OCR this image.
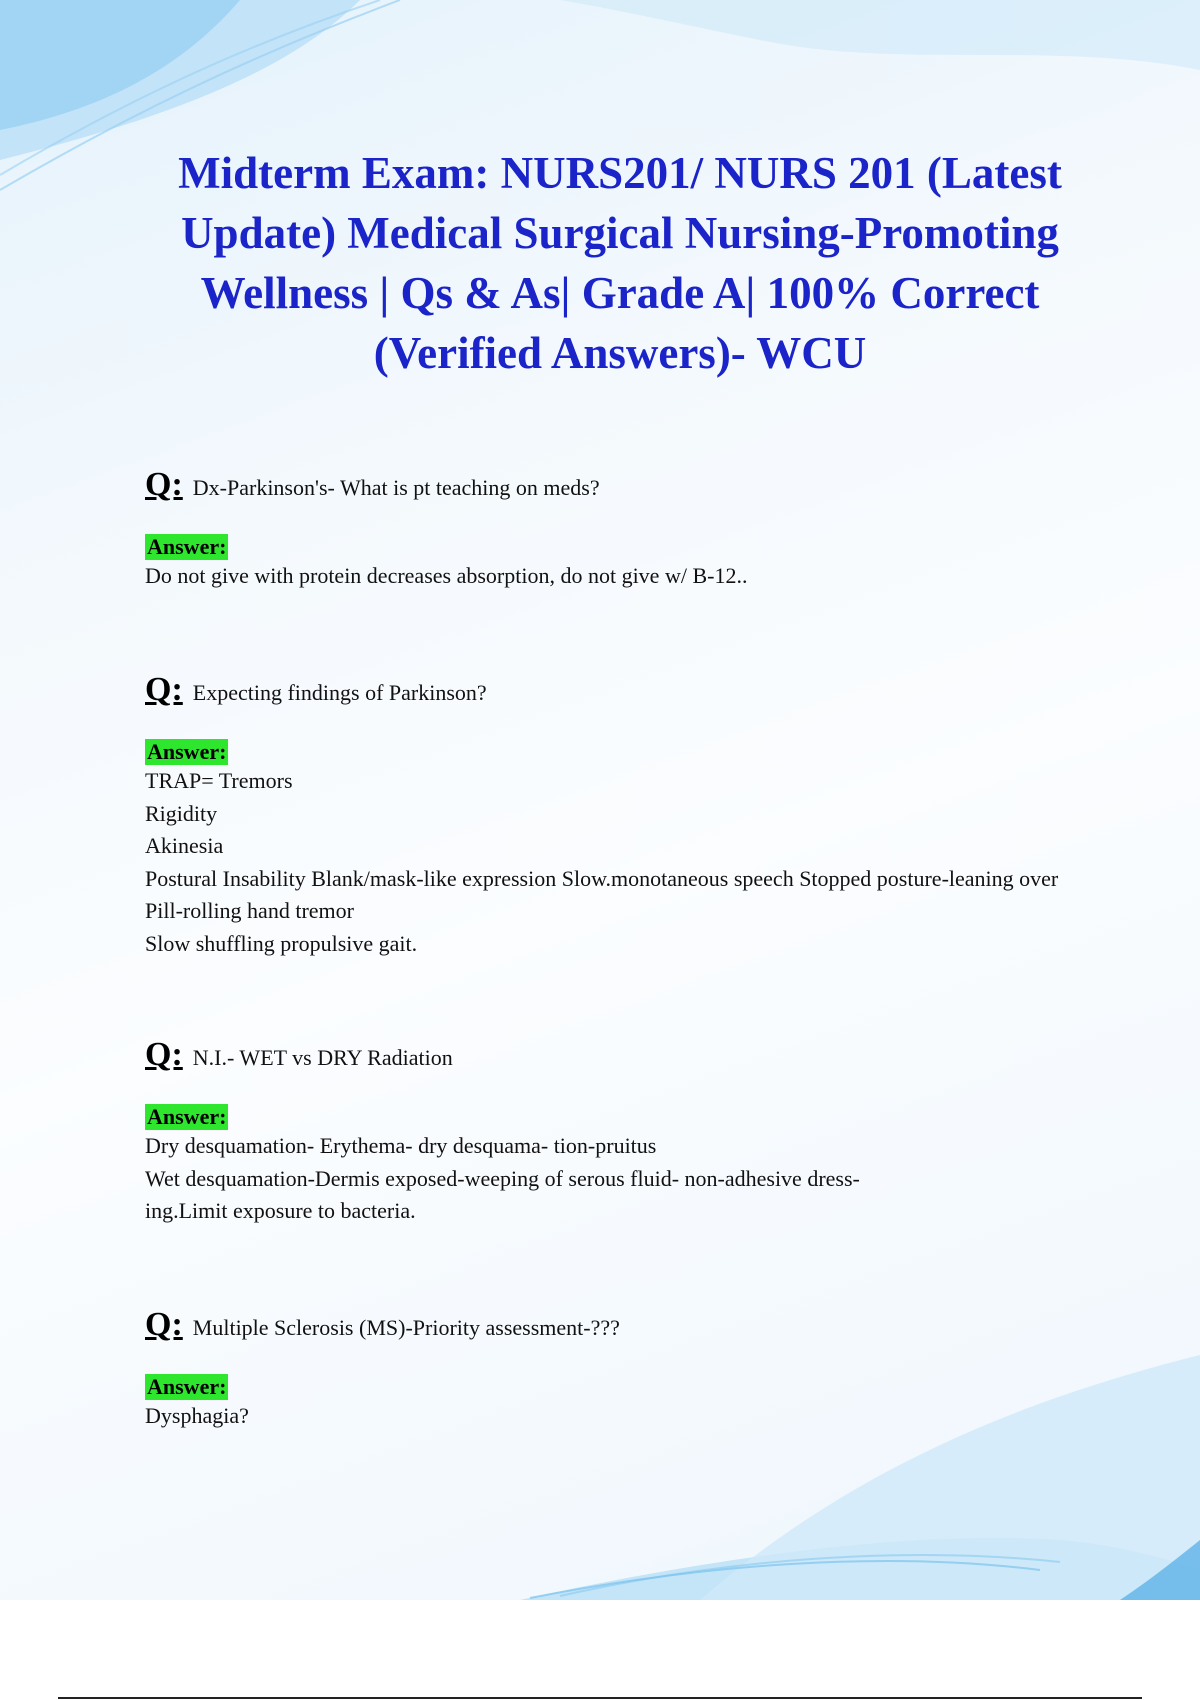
Midterm Exam: NURS201/ NURS 201 (Latest Update) Medical Surgical Nursing-Promoting Wellness | Qs & As| Grade A| 100% Correct (Verified Answers)- WCU
Q: Dx-Parkinson's- What is pt teaching on meds?
Answer:
Do not give with protein decreases absorption, do not give w/ B-12..
Q: Expecting findings of Parkinson?
Answer:
TRAP= Tremors
Rigidity
Akinesia
Postural Insability Blank/mask-like expression Slow.monotaneous speech Stopped posture-leaning over Pill-rolling hand tremor
Slow shuffling propulsive gait.
Q: N.I.- WET vs DRY Radiation
Answer:
Dry desquamation- Erythema- dry desquama- tion-pruitus
Wet desquamation-Dermis exposed-weeping of serous fluid- non-adhesive dress-
ing.Limit exposure to bacteria.
Q: Multiple Sclerosis (MS)-Priority assessment-???
Answer:
Dysphagia?
